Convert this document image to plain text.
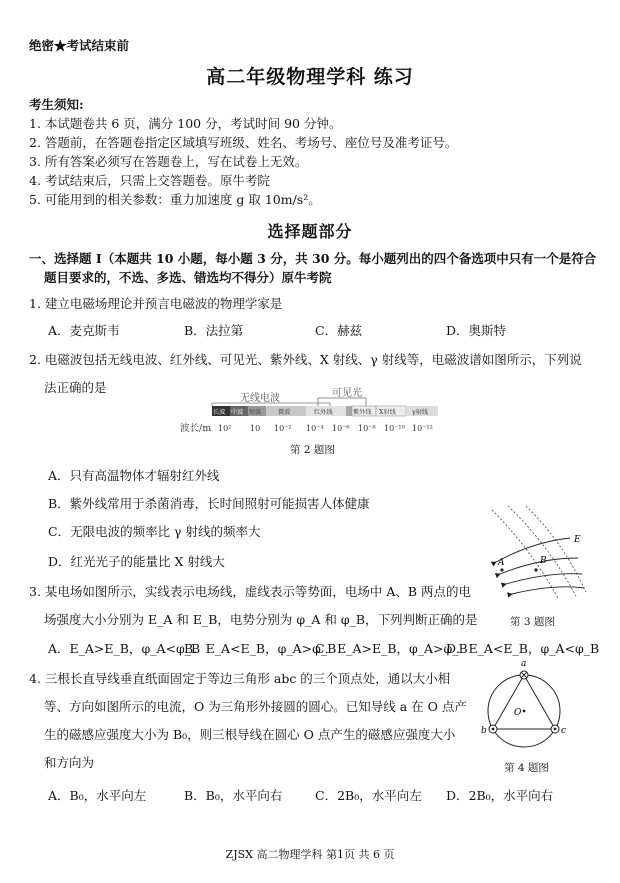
绝密★考试结束前
高二年级物理学科 练习
考生须知:
1. 本试题卷共 6 页，满分 100 分，考试时间 90 分钟。
2. 答题前，在答题卷指定区域填写班级、姓名、考场号、座位号及准考证号。
3. 所有答案必须写在答题卷上，写在试卷上无效。
4. 考试结束后，只需上交答题卷。原牛考院
5. 可能用到的相关参数：重力加速度 g 取 10m/s²。
选择题部分
一、选择题 I（本题共 10 小题，每小题 3 分，共 30 分。每小题列出的四个备选项中只有一个是符合
题目要求的，不选、多选、错选均不得分）原牛考院
1. 建立电磁场理论并预言电磁波的物理学家是
A．麦克斯韦	B．法拉第	C．赫兹	D．奥斯特
2. 电磁波包括无线电波、红外线、可见光、紫外线、X 射线、γ 射线等，电磁波谱如图所示，下列说
法正确的是
无线电波	可见光
长波 中波 短波	微波	红外线	紫外线 X射线	γ射线
波长/m 10² 10 10⁻² 10⁻⁴ 10⁻⁶ 10⁻⁸ 10⁻¹⁰ 10⁻¹²
第 2 题图
A．只有高温物体才辐射红外线
B．紫外线常用于杀菌消毒，长时间照射可能损害人体健康
C．无限电波的频率比 γ 射线的频率大
D．红光光子的能量比 X 射线大	A	B
E
第 3 题图
3. 某电场如图所示，实线表示电场线，虚线表示等势面，电场中 A、B 两点的电
场强度大小分别为 E_A 和 E_B，电势分别为 φ_A 和 φ_B，下列判断正确的是
A．E_A>E_B，φ_A<φ_B
B．E_A<E_B，φ_A>φ_B
C．E_A>E_B，φ_A>φ_B
D．E_A<E_B，φ_A<φ_B
4. 三根长直导线垂直纸面固定于等边三角形 abc 的三个顶点处，通以大小相
等、方向如图所示的电流，O 为三角形外接圆的圆心。已知导线 a 在 O 点产
生的磁感应强度大小为 B₀，则三根导线在圆心 O 点产生的磁感应强度大小
和方向为
a
b	c
O
第 4 题图
A．B₀，水平向左	B．B₀，水平向右	C．2B₀，水平向左 D．2B₀，水平向右
ZJSX 高二物理学科 第1页 共 6 页
